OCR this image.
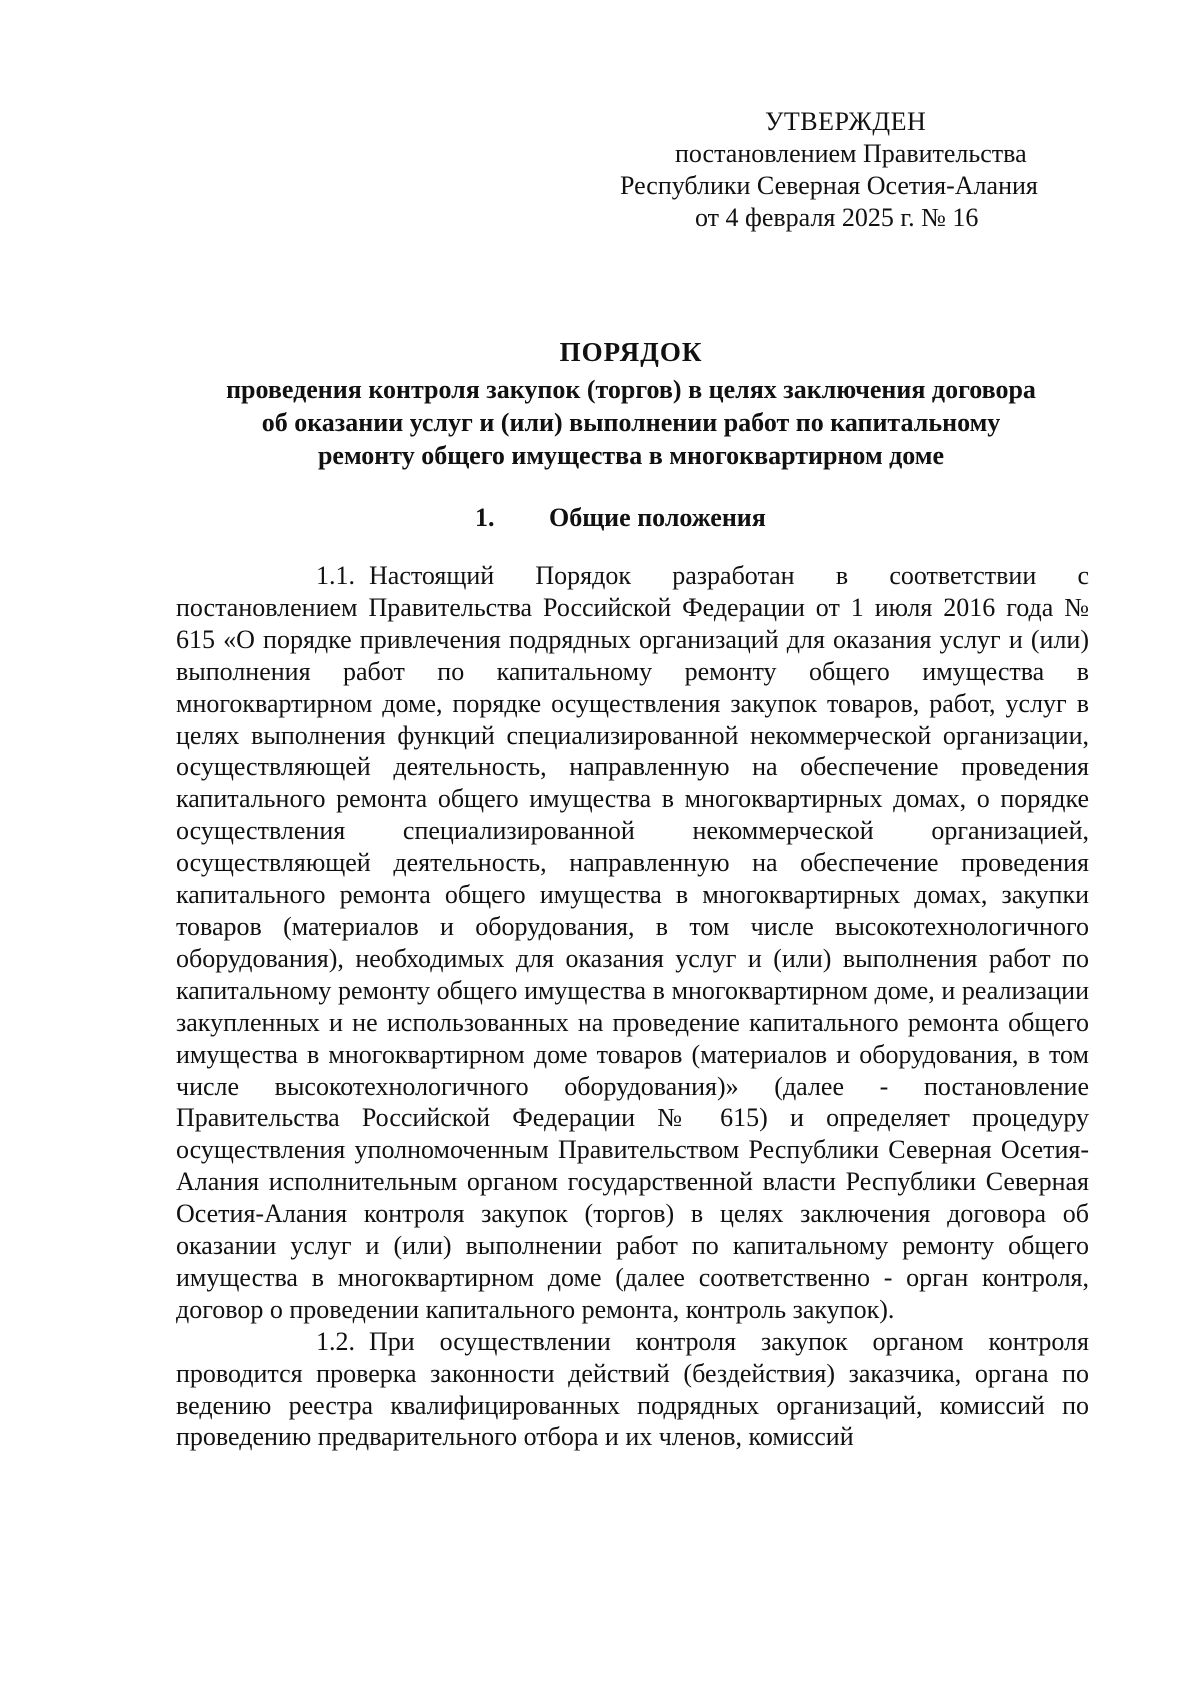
УТВЕРЖДЕН
постановлением Правительства
Республики Северная Осетия-Алания
от 4 февраля 2025 г. № 16
ПОРЯДОК
проведения контроля закупок (торгов) в целях заключения договора
об оказании услуг и (или) выполнении работ по капитальному
ремонту общего имущества в многоквартирном доме
1. Общие положения

1.1. Настоящий Порядок разработан в соответствии с постановлением Правительства Российской Федерации от 1 июля 2016 года № 615 «О порядке привлечения подрядных организаций для оказания услуг и (или) выполнения работ по капитальному ремонту общего имущества в многоквартирном доме, порядке осуществления закупок товаров, работ, услуг в целях выполнения функций специализированной некоммерческой организации, осуществляющей деятельность, направленную на обеспечение проведения капитального ремонта общего имущества в многоквартирных домах, о порядке осуществления специализированной некоммерческой организацией, осуществляющей деятельность, направленную на обеспечение проведения капитального ремонта общего имущества в многоквартирных домах, закупки товаров (материалов и оборудования, в том числе высокотехнологичного оборудования), необходимых для оказания услуг и (или) выполнения работ по капитальному ремонту общего имущества в многоквартирном доме, и реализации закупленных и не использованных на проведение капитального ремонта общего имущества в многоквартирном доме товаров (материалов и оборудования, в том числе высокотехнологичного оборудования)» (далее - постановление Правительства Российской Федерации № 615) и определяет процедуру осуществления уполномоченным Правительством Республики Северная Осетия-Алания исполнительным органом государственной власти Республики Северная Осетия-Алания контроля закупок (торгов) в целях заключения договора об оказании услуг и (или) выполнении работ по капитальному ремонту общего имущества в многоквартирном доме (далее соответственно - орган контроля, договор о проведении капитального ремонта, контроль закупок).

1.2. При осуществлении контроля закупок органом контроля проводится проверка законности действий (бездействия) заказчика, органа по ведению реестра квалифицированных подрядных организаций, комиссий по проведению предварительного отбора и их членов, комиссий
